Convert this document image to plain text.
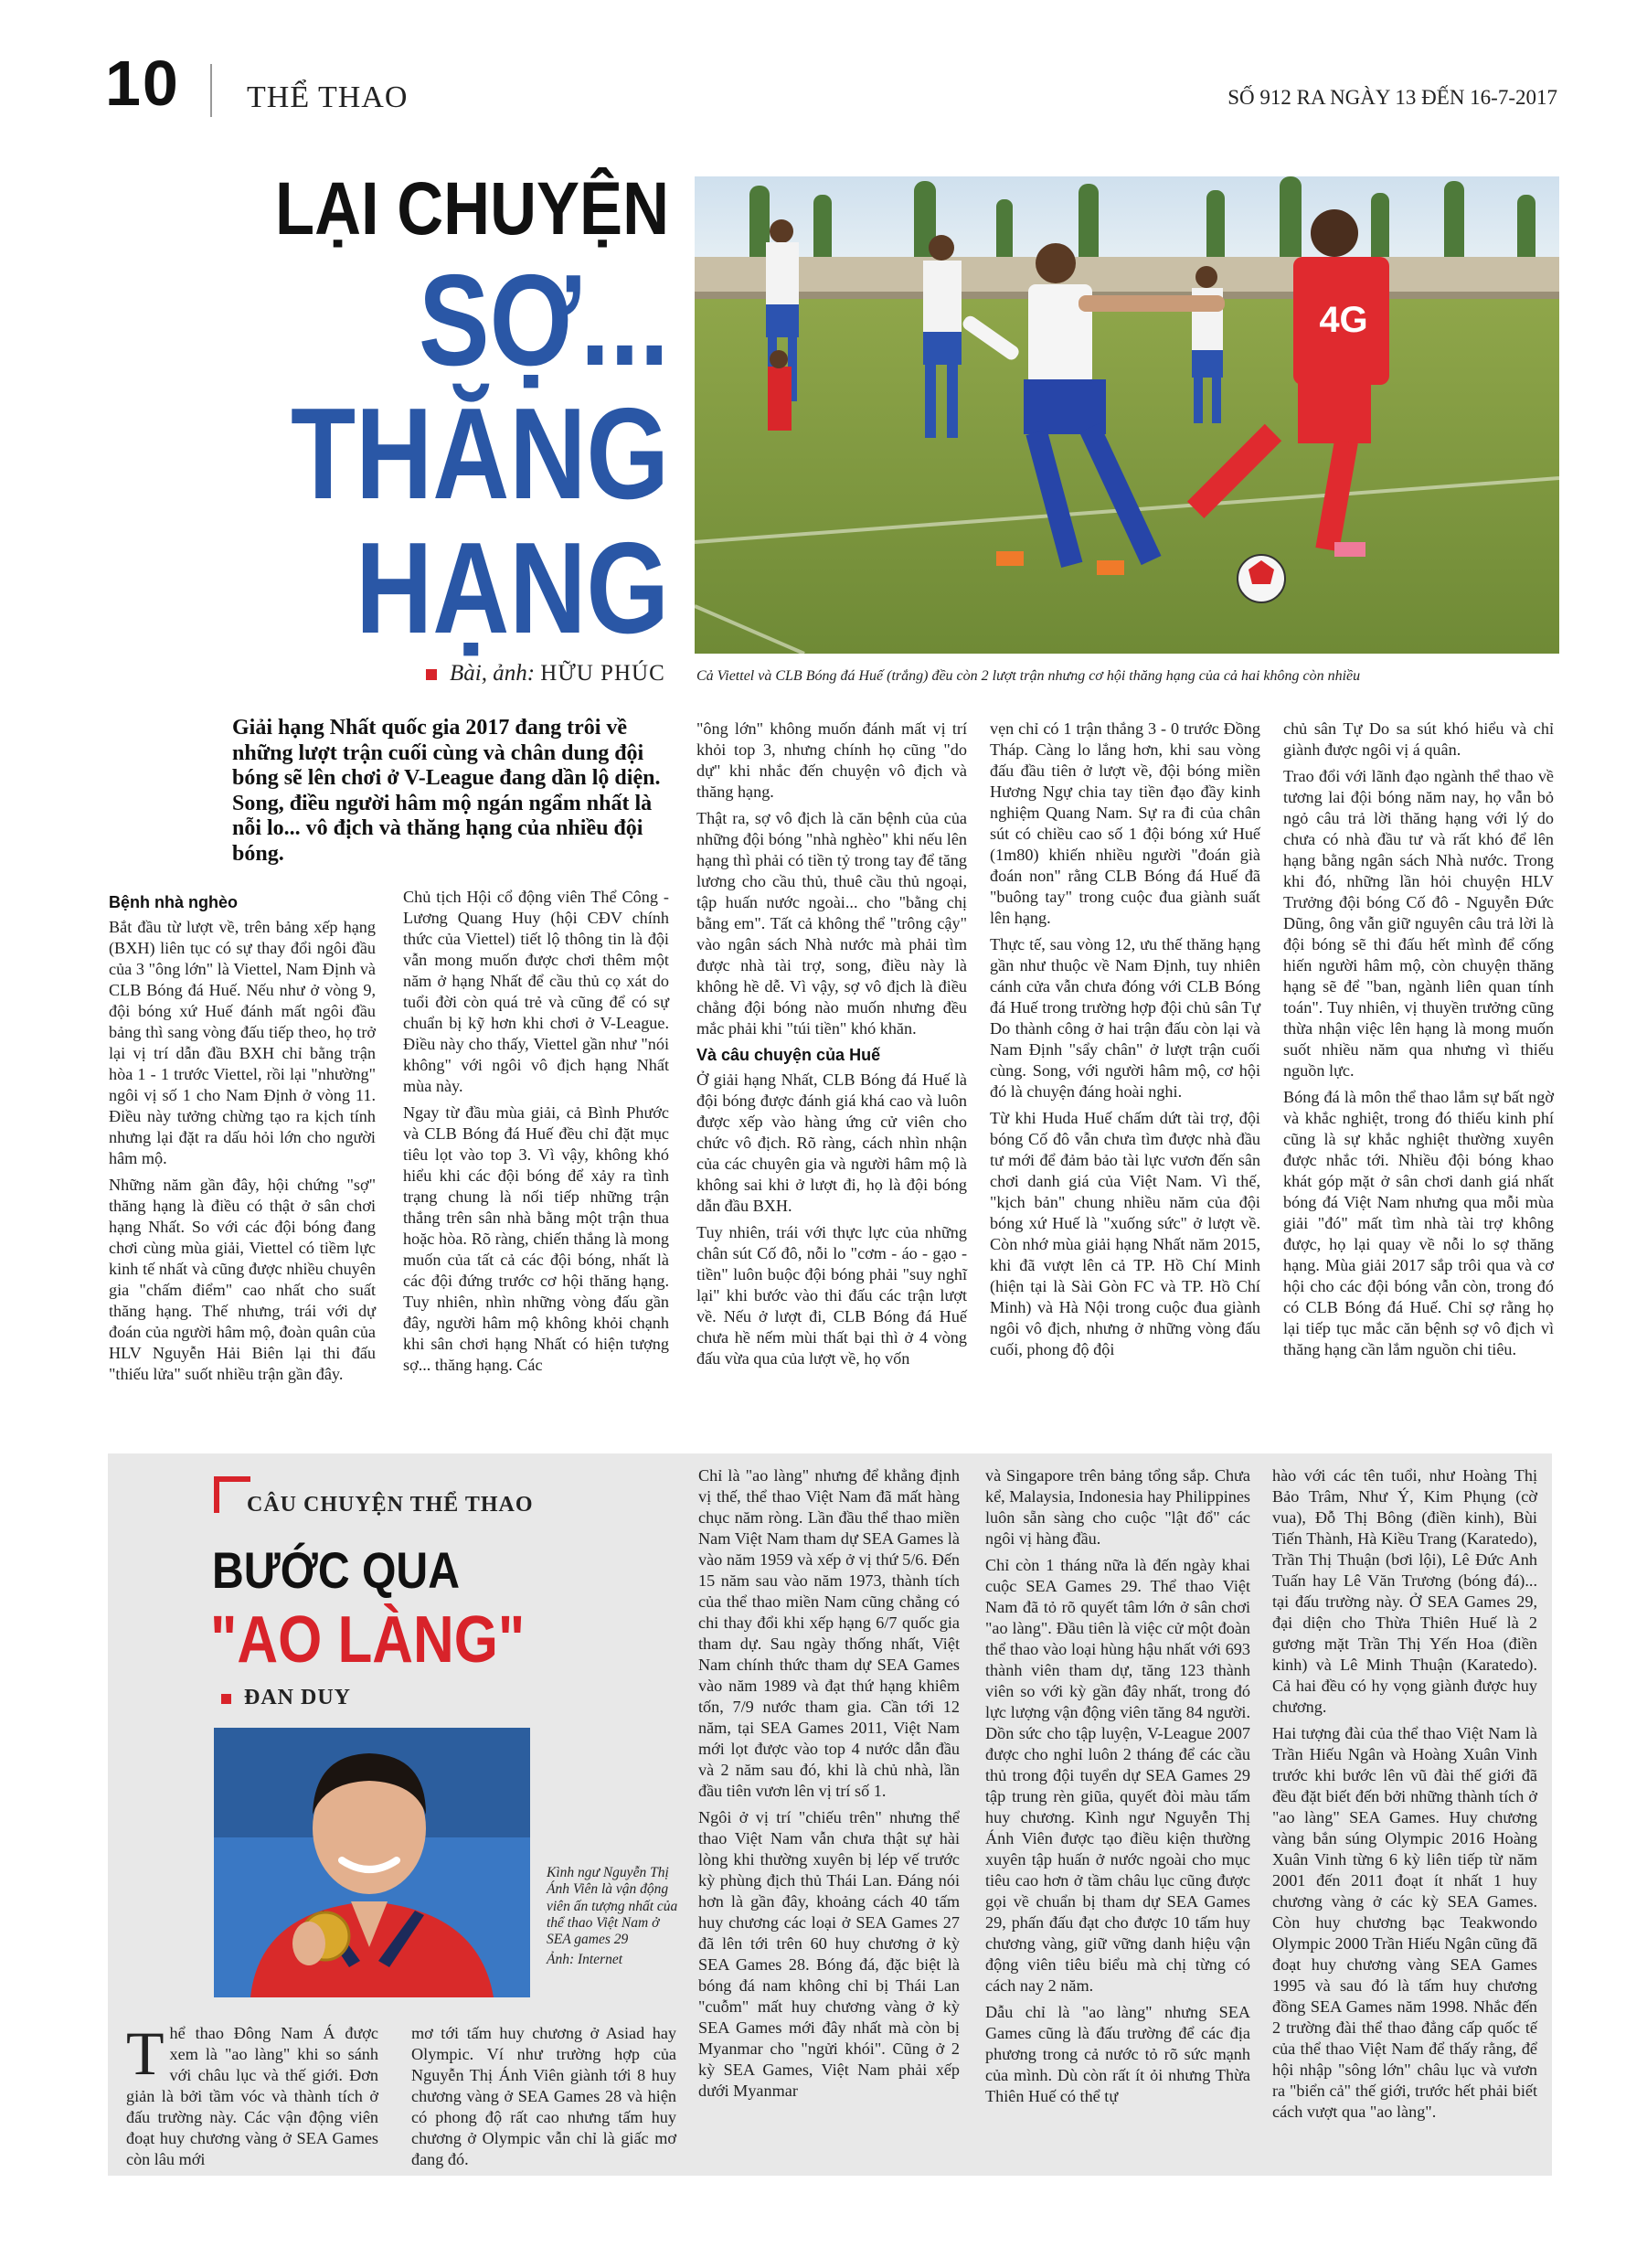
10 THỂ THAO	SỐ 912 RA NGÀY 13 ĐẾN 16-7-2017
LẠI CHUYỆN
SỢ...
THĂNG
HẠNG
4G
Bài, ảnh: HỮU PHÚC Cả Viettel và CLB Bóng đá Huế (trắng) đều còn 2 lượt trận nhưng cơ hội thăng hạng của cả hai không còn nhiều
Giải hạng Nhất quốc gia 2017 đang trôi về những lượt trận cuối cùng và chân dung đội bóng sẽ lên chơi ở V-League đang dần lộ diện. Song, điều người hâm mộ ngán ngẩm nhất là nỗi lo... vô địch và thăng hạng của nhiều đội bóng.
Bệnh nhà nghèo

Bắt đầu từ lượt về, trên bảng xếp hạng (BXH) liên tục có sự thay đổi ngôi đầu của 3 "ông lớn" là Viettel, Nam Định và CLB Bóng đá Huế. Nếu như ở vòng 9, đội bóng xứ Huế đánh mất ngôi đầu bảng thì sang vòng đấu tiếp theo, họ trở lại vị trí dẫn đầu BXH chỉ bằng trận hòa 1 - 1 trước Viettel, rồi lại "nhường" ngôi vị số 1 cho Nam Định ở vòng 11. Điều này tưởng chừng tạo ra kịch tính nhưng lại đặt ra dấu hỏi lớn cho người hâm mộ.

Những năm gần đây, hội chứng "sợ" thăng hạng là điều có thật ở sân chơi hạng Nhất. So với các đội bóng đang chơi cùng mùa giải, Viettel có tiềm lực kinh tế nhất và cũng được nhiều chuyên gia "chấm điểm" cao nhất cho suất thăng hạng. Thế nhưng, trái với dự đoán của người hâm mộ, đoàn quân của HLV Nguyễn Hải Biên lại thi đấu "thiếu lửa" suốt nhiều trận gần đây.

Chủ tịch Hội cổ động viên Thể Công - Lương Quang Huy (hội CĐV chính thức của Viettel) tiết lộ thông tin là đội vẫn mong muốn được chơi thêm một năm ở hạng Nhất để cầu thủ cọ xát do tuổi đời còn quá trẻ và cũng để có sự chuẩn bị kỹ hơn khi chơi ở V-League. Điều này cho thấy, Viettel gần như "nói không" với ngôi vô địch hạng Nhất mùa này.

Ngay từ đầu mùa giải, cả Bình Phước và CLB Bóng đá Huế đều chỉ đặt mục tiêu lọt vào top 3. Vì vậy, không khó hiểu khi các đội bóng để xảy ra tình trạng chung là nối tiếp những trận thắng trên sân nhà bằng một trận thua hoặc hòa. Rõ ràng, chiến thắng là mong muốn của tất cả các đội bóng, nhất là các đội đứng trước cơ hội thăng hạng. Tuy nhiên, nhìn những vòng đấu gần đây, người hâm mộ không khỏi chạnh khi sân chơi hạng Nhất có hiện tượng sợ... thăng hạng. Các

"ông lớn" không muốn đánh mất vị trí khỏi top 3, nhưng chính họ cũng "do dự" khi nhắc đến chuyện vô địch và thăng hạng.

Thật ra, sợ vô địch là căn bệnh của của những đội bóng "nhà nghèo" khi nếu lên hạng thì phải có tiền tỷ trong tay để tăng lương cho cầu thủ, thuê cầu thủ ngoại, tập huấn nước ngoài... cho "bằng chị bằng em". Tất cả không thể "trông cậy" vào ngân sách Nhà nước mà phải tìm được nhà tài trợ, song, điều này là không hề dễ. Vì vậy, sợ vô địch là điều chẳng đội bóng nào muốn nhưng đều mắc phải khi "túi tiền" khó khăn.

Và câu chuyện của Huế

Ở giải hạng Nhất, CLB Bóng đá Huế là đội bóng được đánh giá khá cao và luôn được xếp vào hàng ứng cử viên cho chức vô địch. Rõ ràng, cách nhìn nhận của các chuyên gia và người hâm mộ là không sai khi ở lượt đi, họ là đội bóng dẫn đầu BXH.

Tuy nhiên, trái với thực lực của những chân sút Cố đô, nỗi lo "cơm - áo - gạo - tiền" luôn buộc đội bóng phải "suy nghĩ lại" khi bước vào thi đấu các trận lượt về. Nếu ở lượt đi, CLB Bóng đá Huế chưa hề nếm mùi thất bại thì ở 4 vòng đấu vừa qua của lượt về, họ vốn

vẹn chỉ có 1 trận thắng 3 - 0 trước Đồng Tháp. Càng lo lắng hơn, khi sau vòng đấu đầu tiên ở lượt về, đội bóng miền Hương Ngự chia tay tiền đạo đầy kinh nghiệm Quang Nam. Sự ra đi của chân sút có chiều cao số 1 đội bóng xứ Huế (1m80) khiến nhiều người "đoán già đoán non" rằng CLB Bóng đá Huế đã "buông tay" trong cuộc đua giành suất lên hạng.

Thực tế, sau vòng 12, ưu thế thăng hạng gần như thuộc về Nam Định, tuy nhiên cánh cửa vẫn chưa đóng với CLB Bóng đá Huế trong trường hợp đội chủ sân Tự Do thành công ở hai trận đấu còn lại và Nam Định "sẩy chân" ở lượt trận cuối cùng. Song, với người hâm mộ, cơ hội đó là chuyện đáng hoài nghi.

Từ khi Huda Huế chấm dứt tài trợ, đội bóng Cố đô vẫn chưa tìm được nhà đầu tư mới để đảm bảo tài lực vươn đến sân chơi danh giá của Việt Nam. Vì thế, "kịch bản" chung nhiều năm của đội bóng xứ Huế là "xuống sức" ở lượt về. Còn nhớ mùa giải hạng Nhất năm 2015, khi đã vượt lên cả TP. Hồ Chí Minh (hiện tại là Sài Gòn FC và TP. Hồ Chí Minh) và Hà Nội trong cuộc đua giành ngôi vô địch, nhưng ở những vòng đấu cuối, phong độ đội

chủ sân Tự Do sa sút khó hiểu và chỉ giành được ngôi vị á quân.

Trao đổi với lãnh đạo ngành thể thao về tương lai đội bóng năm nay, họ vẫn bỏ ngỏ câu trả lời thăng hạng với lý do chưa có nhà đầu tư và rất khó để lên hạng bằng ngân sách Nhà nước. Trong khi đó, những lần hỏi chuyện HLV Trưởng đội bóng Cố đô - Nguyễn Đức Dũng, ông vẫn giữ nguyên câu trả lời là đội bóng sẽ thi đấu hết mình để cống hiến người hâm mộ, còn chuyện thăng hạng sẽ để "ban, ngành liên quan tính toán". Tuy nhiên, vị thuyền trưởng cũng thừa nhận việc lên hạng là mong muốn suốt nhiều năm qua nhưng vì thiếu nguồn lực.

Bóng đá là môn thể thao lắm sự bất ngờ và khắc nghiệt, trong đó thiếu kinh phí cũng là sự khắc nghiệt thường xuyên được nhắc tới. Nhiều đội bóng khao khát góp mặt ở sân chơi danh giá nhất bóng đá Việt Nam nhưng qua mỗi mùa giải "đó" mất tìm nhà tài trợ không được, họ lại quay về nỗi lo sợ thăng hạng. Mùa giải 2017 sắp trôi qua và cơ hội cho các đội bóng vẫn còn, trong đó có CLB Bóng đá Huế. Chỉ sợ rằng họ lại tiếp tục mắc căn bệnh sợ vô địch vì thăng hạng cần lắm nguồn chi tiêu.

CÂU CHUYỆN THỂ THAO
BƯỚC QUA
"AO LÀNG"
ĐAN DUY

Kình ngư Nguyễn Thị Ánh Viên là vận động viên ấn tượng nhất của thể thao Việt Nam ở SEA games 29

Ảnh: Internet

Thể thao Đông Nam Á được xem là "ao làng" khi so sánh với châu lục và thế giới. Đơn giản là bởi tầm vóc và thành tích ở đấu trường này. Các vận động viên đoạt huy chương vàng ở SEA Games còn lâu mới

mơ tới tấm huy chương ở Asiad hay Olympic. Ví như trường hợp của Nguyễn Thị Ánh Viên giành tới 8 huy chương vàng ở SEA Games 28 và hiện có phong độ rất cao nhưng tấm huy chương ở Olympic vẫn chỉ là giấc mơ đang đó.

Chỉ là "ao làng" nhưng để khẳng định vị thế, thể thao Việt Nam đã mất hàng chục năm ròng. Lần đầu thể thao miền Nam Việt Nam tham dự SEA Games là vào năm 1959 và xếp ở vị thứ 5/6. Đến 15 năm sau vào năm 1973, thành tích của thể thao miền Nam cũng chẳng có chi thay đổi khi xếp hạng 6/7 quốc gia tham dự. Sau ngày thống nhất, Việt Nam chính thức tham dự SEA Games vào năm 1989 và đạt thứ hạng khiêm tốn, 7/9 nước tham gia. Cần tới 12 năm, tại SEA Games 2011, Việt Nam mới lọt được vào top 4 nước dẫn đầu và 2 năm sau đó, khi là chủ nhà, lần đầu tiên vươn lên vị trí số 1.

Ngôi ở vị trí "chiếu trên" nhưng thể thao Việt Nam vẫn chưa thật sự hài lòng khi thường xuyên bị lép vế trước kỳ phùng địch thủ Thái Lan. Đáng nói hơn là gần đây, khoảng cách 40 tấm huy chương các loại ở SEA Games 27 đã lên tới trên 60 huy chương ở kỳ SEA Games 28. Bóng đá, đặc biệt là bóng đá nam không chỉ bị Thái Lan "cuỗm" mất huy chương vàng ở kỳ SEA Games mới đây nhất mà còn bị Myanmar cho "ngửi khói". Cũng ở 2 kỳ SEA Games, Việt Nam phải xếp dưới Myanmar

và Singapore trên bảng tổng sắp. Chưa kể, Malaysia, Indonesia hay Philippines luôn sẵn sàng cho cuộc "lật đổ" các ngôi vị hàng đầu.

Chỉ còn 1 tháng nữa là đến ngày khai cuộc SEA Games 29. Thể thao Việt Nam đã tỏ rõ quyết tâm lớn ở sân chơi "ao làng". Đầu tiên là việc cử một đoàn thể thao vào loại hùng hậu nhất với 693 thành viên tham dự, tăng 123 thành viên so với kỳ gần đây nhất, trong đó lực lượng vận động viên tăng 84 người. Dồn sức cho tập luyện, V-League 2007 được cho nghỉ luôn 2 tháng để các cầu thủ trong đội tuyển dự SEA Games 29 tập trung rèn giũa, quyết đòi màu tấm huy chương. Kình ngư Nguyễn Thị Ánh Viên được tạo điều kiện thường xuyên tập huấn ở nước ngoài cho mục tiêu cao hơn ở tầm châu lục cũng được gọi về chuẩn bị tham dự SEA Games 29, phấn đấu đạt cho được 10 tấm huy chương vàng, giữ vững danh hiệu vận động viên tiêu biểu mà chị từng có cách nay 2 năm.

Dẫu chỉ là "ao làng" nhưng SEA Games cũng là đấu trường để các địa phương trong cả nước tỏ rõ sức mạnh của mình. Dù còn rất ít ỏi nhưng Thừa Thiên Huế có thể tự

hào với các tên tuổi, như Hoàng Thị Bảo Trâm, Như Ý, Kim Phụng (cờ vua), Đỗ Thị Bông (điền kinh), Bùi Tiến Thành, Hà Kiều Trang (Karatedo), Trần Thị Thuận (bơi lội), Lê Đức Anh Tuấn hay Lê Văn Trương (bóng đá)... tại đấu trường này. Ở SEA Games 29, đại diện cho Thừa Thiên Huế là 2 gương mặt Trần Thị Yến Hoa (điền kinh) và Lê Minh Thuận (Karatedo). Cả hai đều có hy vọng giành được huy chương.

Hai tượng đài của thể thao Việt Nam là Trần Hiếu Ngân và Hoàng Xuân Vinh trước khi bước lên vũ đài thế giới đã đều đặt biết đến bởi những thành tích ở "ao làng" SEA Games. Huy chương vàng bắn súng Olympic 2016 Hoàng Xuân Vinh từng 6 kỳ liên tiếp từ năm 2001 đến 2011 đoạt ít nhất 1 huy chương vàng ở các kỳ SEA Games. Còn huy chương bạc Teakwondo Olympic 2000 Trần Hiếu Ngân cũng đã đoạt huy chương vàng SEA Games 1995 và sau đó là tấm huy chương đồng SEA Games năm 1998. Nhắc đến 2 trường đài thể thao đẳng cấp quốc tế của thể thao Việt Nam để thấy rằng, để hội nhập "sông lớn" châu lục và vươn ra "biển cả" thế giới, trước hết phải biết cách vượt qua "ao làng".
